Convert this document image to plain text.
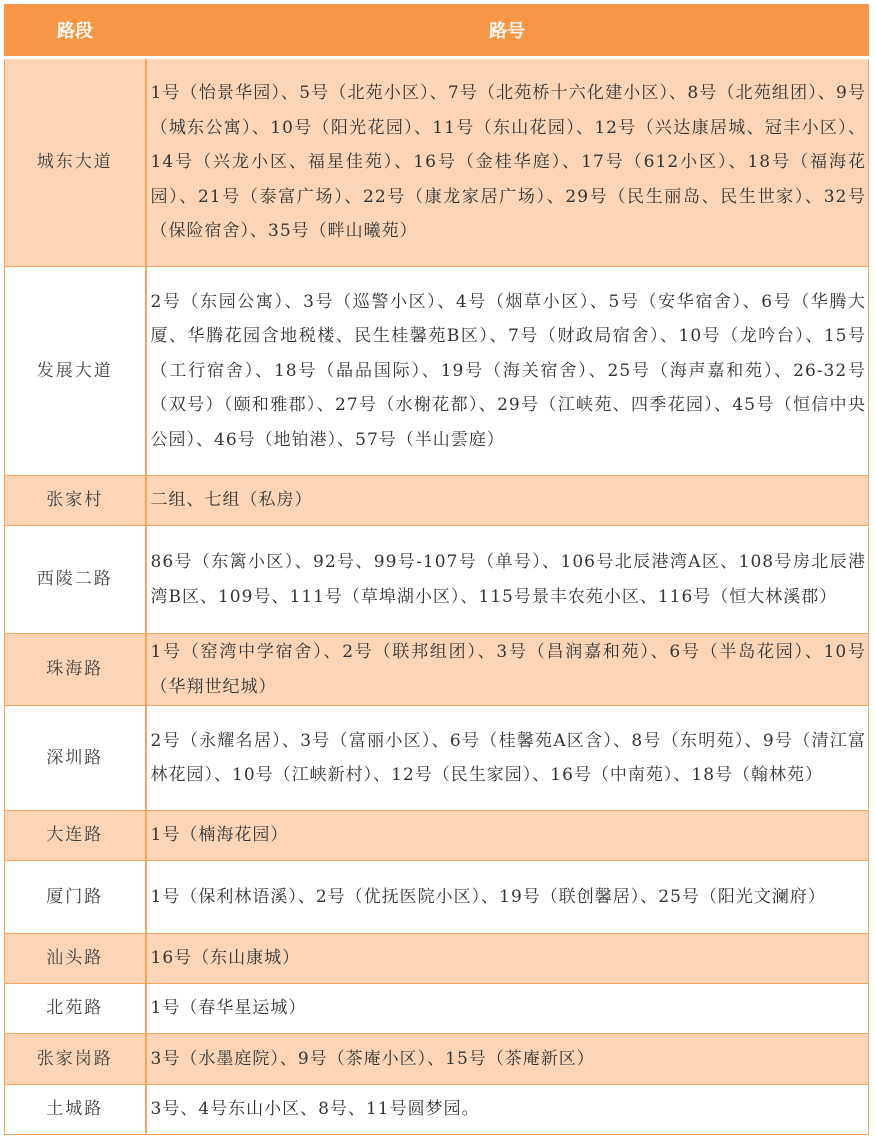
路段	路号
城东大道	1号（怡景华园）、5号（北苑小区）、7号（北苑桥十六化建小区）、8号（北苑组团）、9号（城东公寓）、10号（阳光花园）、11号（东山花园）、12号（兴达康居城、冠丰小区）、14号（兴龙小区、福星佳苑）、16号（金桂华庭）、17号（612小区）、18号（福海花园）、21号（泰富广场）、22号（康龙家居广场）、29号（民生丽岛、民生世家）、32号（保险宿舍）、35号（畔山曦苑）
发展大道	2号（东园公寓）、3号（巡警小区）、4号（烟草小区）、5号（安华宿舍）、6号（华腾大厦、华腾花园含地税楼、民生桂馨苑B区）、7号（财政局宿舍）、10号（龙吟台）、15号（工行宿舍）、18号（晶品国际）、19号（海关宿舍）、25号（海声嘉和苑）、26-32号（双号）（颐和雅郡）、27号（水榭花都）、29号（江峡苑、四季花园）、45号（恒信中央公园）、46号（地铂港）、57号（半山雲庭）
张家村	二组、七组（私房）
西陵二路	86号（东篱小区）、92号、99号-107号（单号）、106号北辰港湾A区、108号房北辰港湾B区、109号、111号（草埠湖小区）、115号景丰农苑小区、116号（恒大林溪郡）
珠海路	1号（窑湾中学宿舍）、2号（联邦组团）、3号（昌润嘉和苑）、6号（半岛花园）、10号（华翔世纪城）
深圳路	2号（永耀名居）、3号（富丽小区）、6号（桂馨苑A区含）、8号（东明苑）、9号（清江富林花园）、10号（江峡新村）、12号（民生家园）、16号（中南苑）、18号（翰林苑）
大连路	1号（楠海花园）
厦门路	1号（保利林语溪）、2号（优抚医院小区）、19号（联创馨居）、25号（阳光文澜府）
汕头路	16号（东山康城）
北苑路	1号（春华星运城）
张家岗路	3号（水墨庭院）、9号（茶庵小区）、15号（茶庵新区）
土城路	3号、4号东山小区、8号、11号圆梦园。
